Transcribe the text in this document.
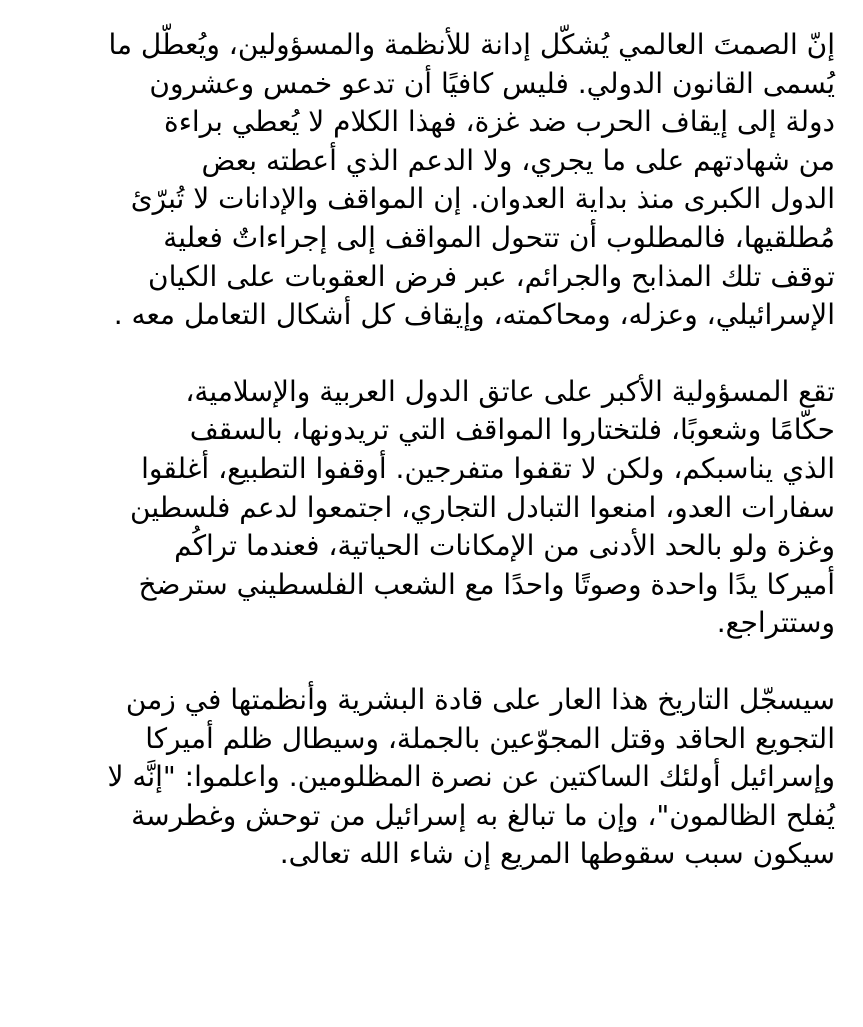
إنّ الصمتَ العالمي يُشكّل إدانة للأنظمة والمسؤولين، ويُعطّل ما
يُسمى القانون الدولي. فليس كافيًا أن تدعو خمس وعشرون
دولة إلى إيقاف الحرب ضد غزة، فهذا الكلام لا يُعطي براءة
من شهادتهم على ما يجري، ولا الدعم الذي أعطته بعض
الدول الكبرى منذ بداية العدوان. إن المواقف والإدانات لا تُبرّئ
مُطلقيها، فالمطلوب أن تتحول المواقف إلى إجراءاتٌ فعلية
توقف تلك المذابح والجرائم، عبر فرض العقوبات على الكيان
الإسرائيلي، وعزله، ومحاكمته، وإيقاف كل أشكال التعامل معه .

تقع المسؤولية الأكبر على عاتق الدول العربية والإسلامية،
حكّامًا وشعوبًا، فلتختاروا المواقف التي تريدونها، بالسقف
الذي يناسبكم، ولكن لا تقفوا متفرجين. أوقفوا التطبيع، أغلقوا
سفارات العدو، امنعوا التبادل التجاري، اجتمعوا لدعم فلسطين
وغزة ولو بالحد الأدنى من الإمكانات الحياتية، فعندما تراكُم
أميركا يدًا واحدة وصوتًا واحدًا مع الشعب الفلسطيني سترضخ
وستتراجع.

سيسجّل التاريخ هذا العار على قادة البشرية وأنظمتها في زمن
التجويع الحاقد وقتل المجوّعين بالجملة، وسيطال ظلم أميركا
وإسرائيل أولئك الساكتين عن نصرة المظلومين. واعلموا: "إنَّه لا
يُفلح الظالمون"، وإن ما تبالغ به إسرائيل من توحش وغطرسة
سيكون سبب سقوطها المريع إن شاء الله تعالى.
